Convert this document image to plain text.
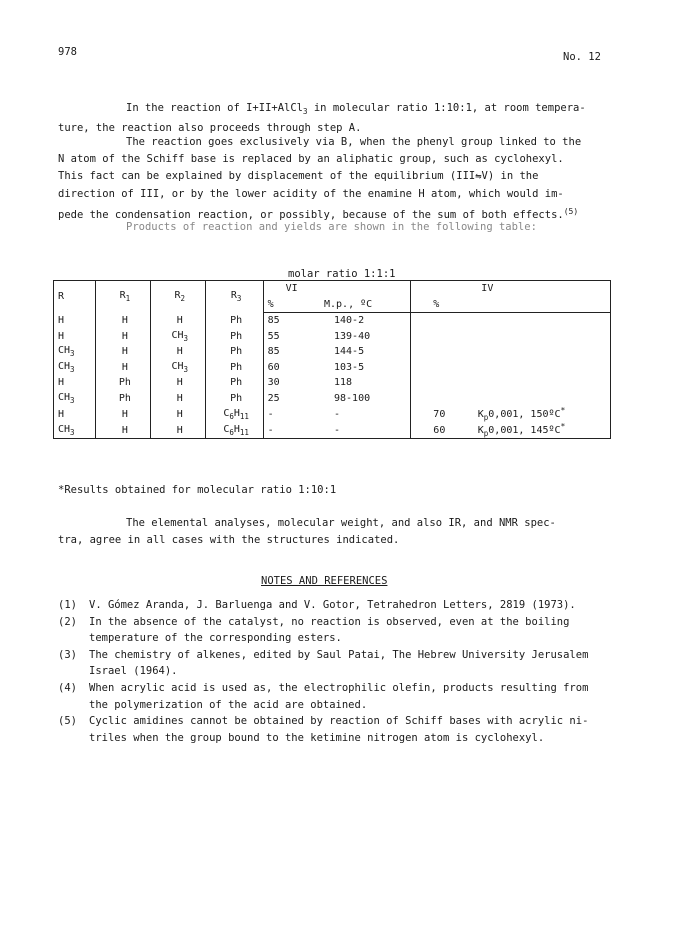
978	No. 12

In the reaction of I+II+AlCl$_3$ in molecular ratio 1:10:1, at room tempera-

ture, the reaction also proceeds through step A.

The reaction goes exclusively via B, when the phenyl group linked to the

N atom of the Schiff base is replaced by an aliphatic group, such as cyclohexyl.

This fact can be explained by displacement of the equilibrium (III⇋V) in the

direction of III, or by the lower acidity of the enamine H atom, which would im-

pede the condensation reaction, or possibly, because of the sum of both effects.$^{(5)}$

Products of reaction and yields are shown in the following table:
molar ratio 1:1:1
R	$R_1$	$R_2$	$R_3$	VI		IV	
				%	M.p., ºC	%	
H	H	H	Ph	85	140-2		
H	H	$CH_3$	Ph	55	139-40		
$CH_3$	H	H	Ph	85	144-5		
$CH_3$	H	$CH_3$	Ph	60	103-5		
H	Ph	H	Ph	30	118		
$CH_3$	Ph	H	Ph	25	98-100		
H	H	H	$C_6H_{11}$	-	-	70	$K_p0,001$, 150ºC*
$CH_3$	H	H	$C_6H_{11}$	-	-	60	$K_p0,001$, 145ºC*
*Results obtained for molecular ratio 1:10:1

The elemental analyses, molecular weight, and also IR, and NMR spec-

tra, agree in all cases with the structures indicated.

NOTES AND REFERENCES
(1) V. Gómez Aranda, J. Barluenga and V. Gotor, Tetrahedron Letters, 2819 (1973).
(2) In the absence of the catalyst, no reaction is observed, even at the boiling
temperature of the corresponding esters.
(3) The chemistry of alkenes, edited by Saul Patai, The Hebrew University Jerusalem
Israel (1964).
(4) When acrylic acid is used as, the electrophilic olefin, products resulting from
the polymerization of the acid are obtained.
(5) Cyclic amidines cannot be obtained by reaction of Schiff bases with acrylic ni-
triles when the group bound to the ketimine nitrogen atom is cyclohexyl.
